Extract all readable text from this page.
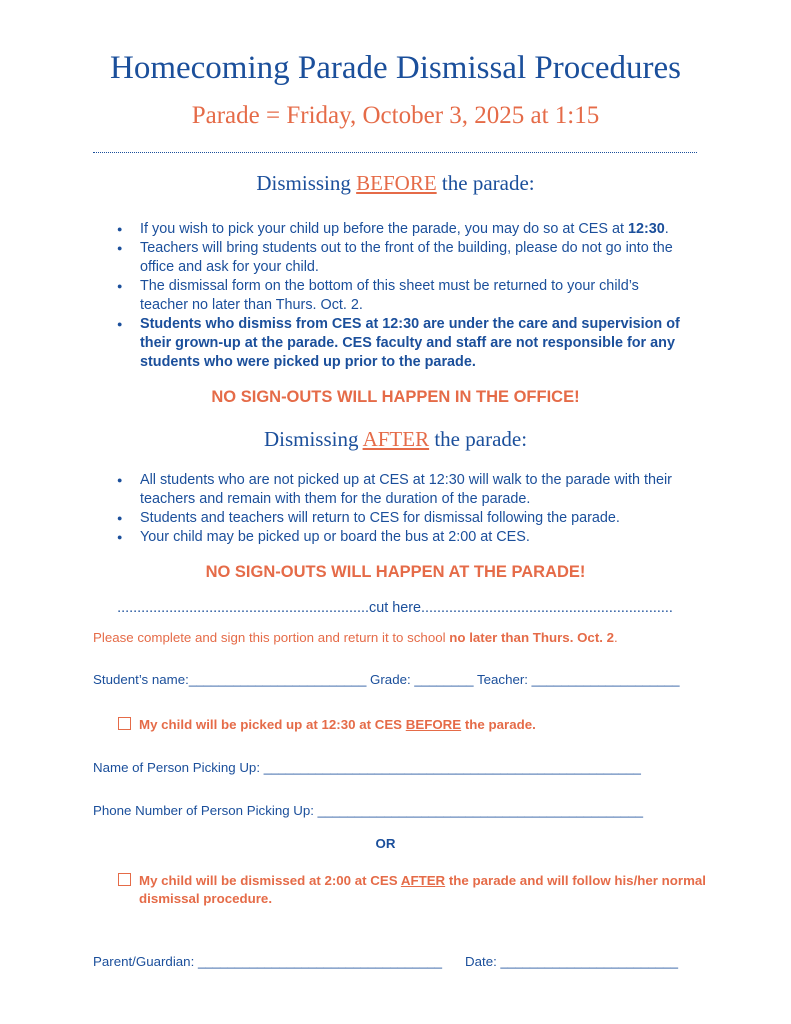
Homecoming Parade Dismissal Procedures
Parade = Friday, October 3, 2025 at 1:15
Dismissing BEFORE the parade:
● If you wish to pick your child up before the parade, you may do so at CES at 12:30.
● Teachers will bring students out to the front of the building, please do not go into the office and ask for your child.
● The dismissal form on the bottom of this sheet must be returned to your child’s teacher no later than Thurs. Oct. 2.
● Students who dismiss from CES at 12:30 are under the care and supervision of their grown-up at the parade. CES faculty and staff are not responsible for any students who were picked up prior to the parade.
NO SIGN-OUTS WILL HAPPEN IN THE OFFICE!
Dismissing AFTER the parade:
● All students who are not picked up at CES at 12:30 will walk to the parade with their teachers and remain with them for the duration of the parade.
● Students and teachers will return to CES for dismissal following the parade.
● Your child may be picked up or board the bus at 2:00 at CES.
NO SIGN-OUTS WILL HAPPEN AT THE PARADE!
...............................................................cut here...............................................................
Please complete and sign this portion and return it to school no later than Thurs. Oct. 2.
Student’s name:________________________ Grade: ________ Teacher: ____________________
My child will be picked up at 12:30 at CES BEFORE the parade.
Name of Person Picking Up: ___________________________________________________
Phone Number of Person Picking Up: ____________________________________________
OR
My child will be dismissed at 2:00 at CES AFTER the parade and will follow his/her normal dismissal procedure.
Parent/Guardian: _________________________________ Date: ________________________
